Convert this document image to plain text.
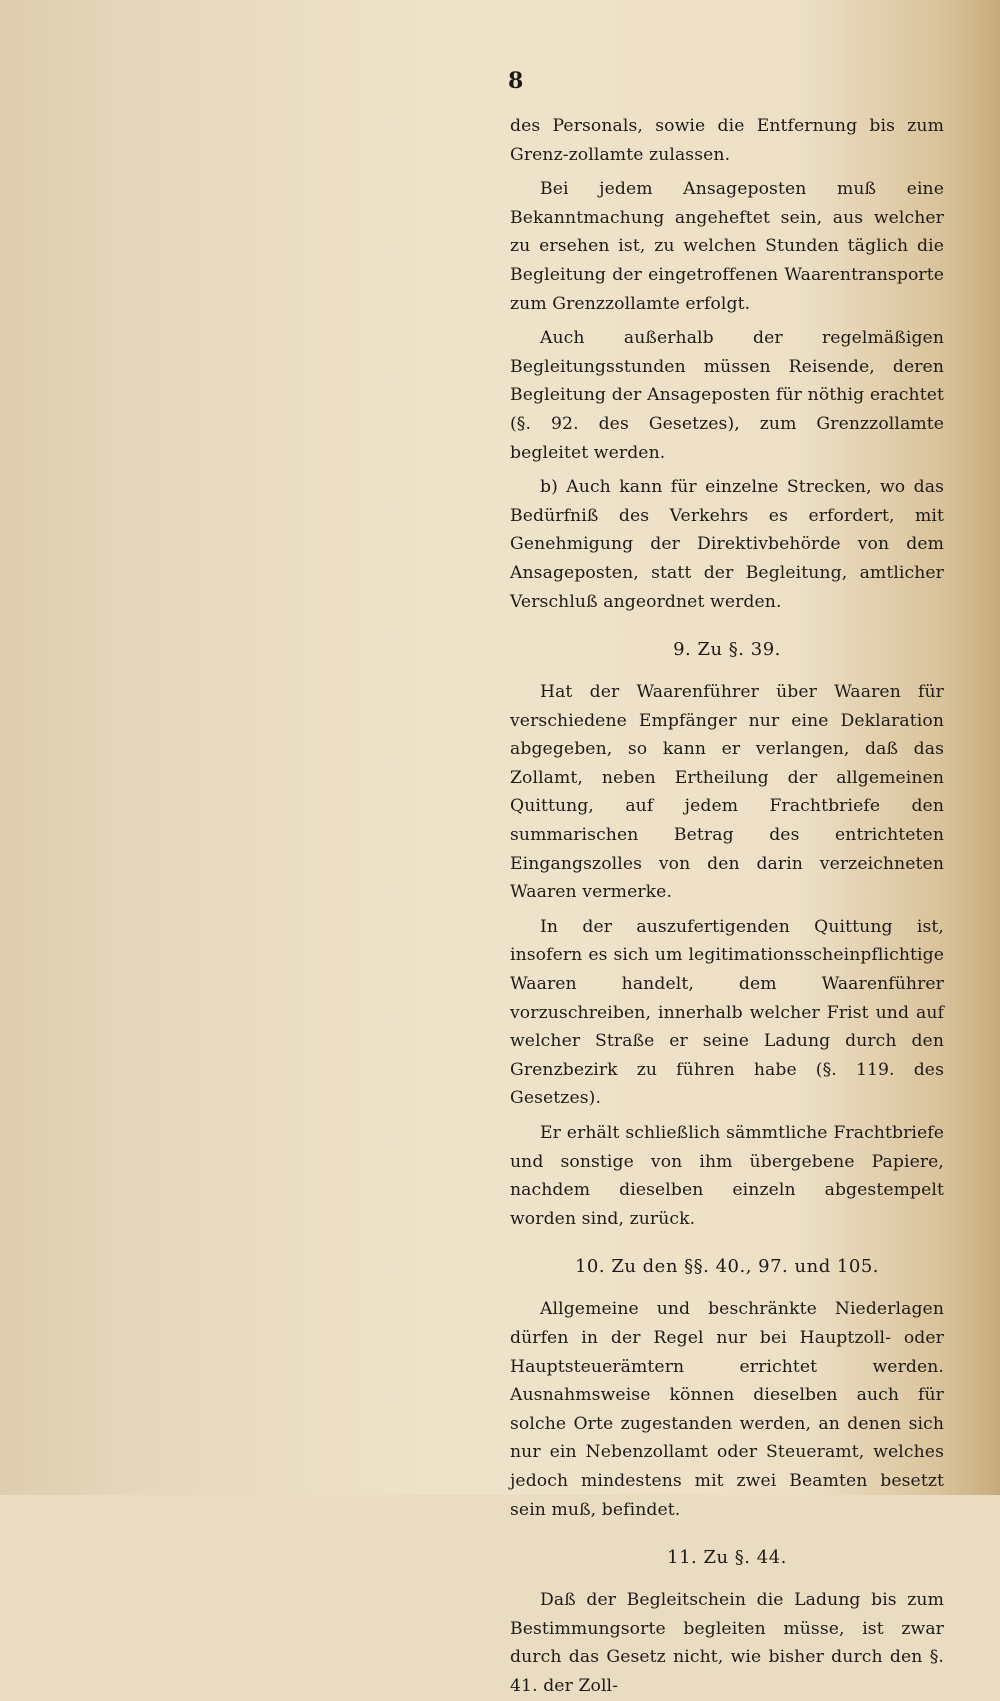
8

des Personals, sowie die Entfernung bis zum Grenz-zollamte zulassen.

Bei jedem Ansageposten muß eine Bekanntmachung angeheftet sein, aus welcher zu ersehen ist, zu welchen Stunden täglich die Begleitung der eingetroffenen Waarentransporte zum Grenzzollamte erfolgt.

Auch außerhalb der regelmäßigen Begleitungsstunden müssen Reisende, deren Begleitung der Ansageposten für nöthig erachtet (§. 92. des Gesetzes), zum Grenzzollamte begleitet werden.

b) Auch kann für einzelne Strecken, wo das Bedürfniß des Verkehrs es erfordert, mit Genehmigung der Direktivbehörde von dem Ansageposten, statt der Begleitung, amtlicher Verschluß angeordnet werden.

9. Zu §. 39.

Hat der Waarenführer über Waaren für verschiedene Empfänger nur eine Deklaration abgegeben, so kann er verlangen, daß das Zollamt, neben Ertheilung der allgemeinen Quittung, auf jedem Frachtbriefe den summarischen Betrag des entrichteten Eingangszolles von den darin verzeichneten Waaren vermerke.

In der auszufertigenden Quittung ist, insofern es sich um legitimationsscheinpflichtige Waaren handelt, dem Waarenführer vorzuschreiben, innerhalb welcher Frist und auf welcher Straße er seine Ladung durch den Grenzbezirk zu führen habe (§. 119. des Gesetzes).

Er erhält schließlich sämmtliche Frachtbriefe und sonstige von ihm übergebene Papiere, nachdem dieselben einzeln abgestempelt worden sind, zurück.

10. Zu den §§. 40., 97. und 105.

Allgemeine und beschränkte Niederlagen dürfen in der Regel nur bei Hauptzoll- oder Hauptsteuerämtern errichtet werden. Ausnahmsweise können dieselben auch für solche Orte zugestanden werden, an denen sich nur ein Nebenzollamt oder Steueramt, welches jedoch mindestens mit zwei Beamten besetzt sein muß, befindet.

11. Zu §. 44.

Daß der Begleitschein die Ladung bis zum Bestimmungsorte begleiten müsse, ist zwar durch das Gesetz nicht, wie bisher durch den §. 41. der Zoll-
